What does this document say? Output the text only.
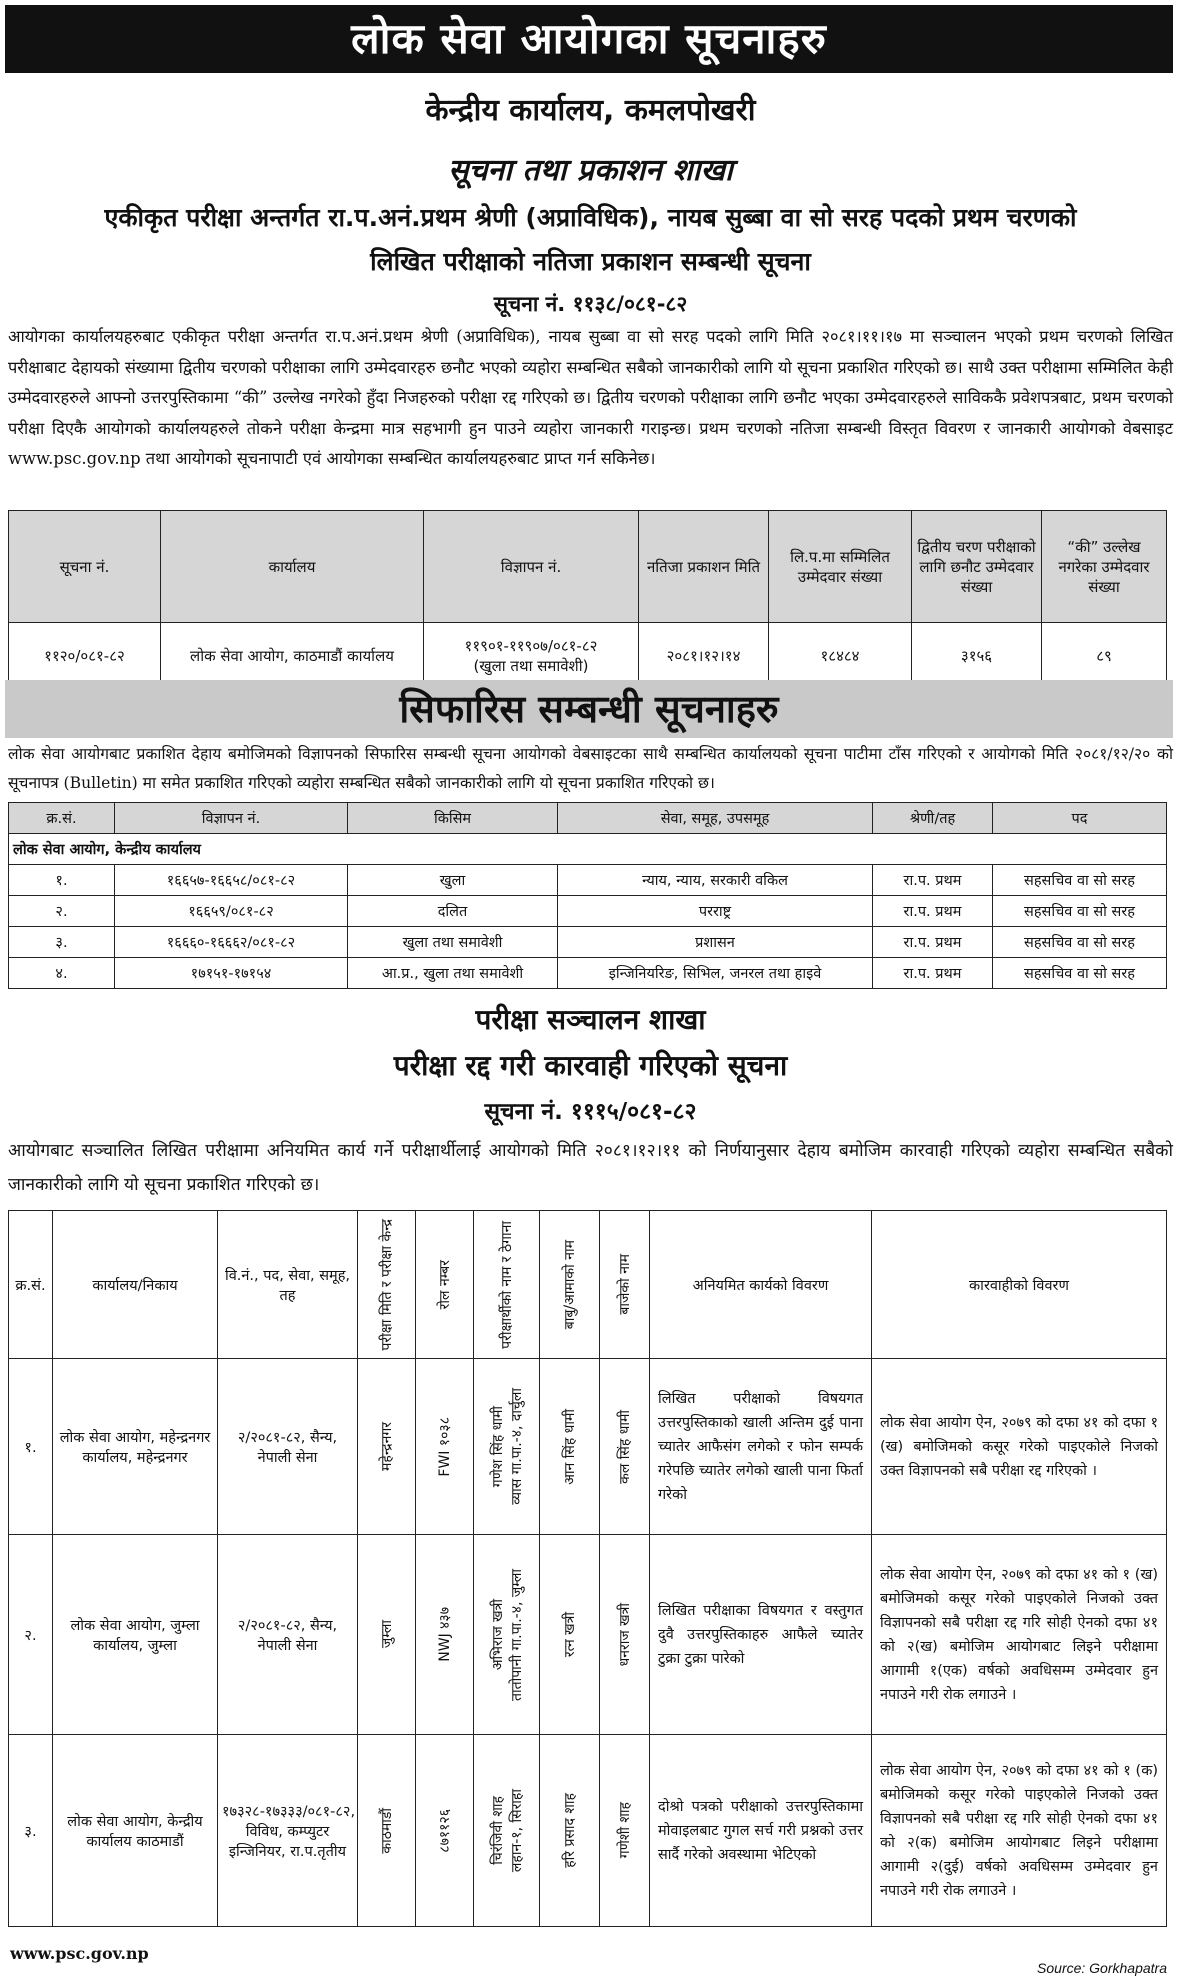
लोक सेवा आयोगका सूचनाहरु
केन्द्रीय कार्यालय, कमलपोखरी
सूचना तथा प्रकाशन शाखा
एकीकृत परीक्षा अन्तर्गत रा.प.अनं.प्रथम श्रेणी (अप्राविधिक), नायब सुब्बा वा सो सरह पदको प्रथम चरणको
लिखित परीक्षाको नतिजा प्रकाशन सम्बन्धी सूचना
सूचना नं. ११३८/०८१-८२
आयोगका कार्यालयहरुबाट एकीकृत परीक्षा अन्तर्गत रा.प.अनं.प्रथम श्रेणी (अप्राविधिक), नायब सुब्बा वा सो सरह पदको लागि मिति २०८१।११।१७ मा सञ्चालन भएको प्रथम चरणको लिखित परीक्षाबाट देहायको संख्यामा द्वितीय चरणको परीक्षाका लागि उम्मेदवारहरु छनौट भएको व्यहोरा सम्बन्धित सबैको जानकारीको लागि यो सूचना प्रकाशित गरिएको छ। साथै उक्त परीक्षामा सम्मिलित केही उम्मेदवारहरुले आफ्नो उत्तरपुस्तिकामा “की” उल्लेख नगरेको हुँदा निजहरुको परीक्षा रद्द गरिएको छ। द्वितीय चरणको परीक्षाका लागि छनौट भएका उम्मेदवारहरुले साविककै प्रवेशपत्रबाट, प्रथम चरणको परीक्षा दिएकै आयोगको कार्यालयहरुले तोकने परीक्षा केन्द्रमा मात्र सहभागी हुन पाउने व्यहोरा जानकारी गराइन्छ। प्रथम चरणको नतिजा सम्बन्धी विस्तृत विवरण र जानकारी आयोगको वेबसाइट www.psc.gov.np तथा आयोगको सूचनापाटी एवं आयोगका सम्बन्धित कार्यालयहरुबाट प्राप्त गर्न सकिनेछ।
सूचना नं.	कार्यालय	विज्ञापन नं.	नतिजा प्रकाशन मिति	लि.प.मा सम्मिलित उम्मेदवार संख्या	द्वितीय चरण परीक्षाको लागि छनौट उम्मेदवार संख्या	“की” उल्लेख नगरेका उम्मेदवार संख्या
११२०/०८१-८२	लोक सेवा आयोग, काठमाडौं कार्यालय	११९०१-११९०७/०८१-८२
(खुला तथा समावेशी)	२०८१।१२।१४	१८४८४	३१५६	८९
सिफारिस सम्बन्धी सूचनाहरु
लोक सेवा आयोगबाट प्रकाशित देहाय बमोजिमको विज्ञापनको सिफारिस सम्बन्धी सूचना आयोगको वेबसाइटका साथै सम्बन्धित कार्यालयको सूचना पाटीमा टाँस गरिएको र आयोगको मिति २०८१/१२/२० को सूचनापत्र (Bulletin) मा समेत प्रकाशित गरिएको व्यहोरा सम्बन्धित सबैको जानकारीको लागि यो सूचना प्रकाशित गरिएको छ।
क्र.सं.	विज्ञापन नं.	किसिम	सेवा, समूह, उपसमूह	श्रेणी/तह	पद
लोक सेवा आयोग, केन्द्रीय कार्यालय					
१.	१६६५७-१६६५८/०८१-८२	खुला	न्याय, न्याय, सरकारी वकिल	रा.प. प्रथम	सहसचिव वा सो सरह
२.	१६६५९/०८१-८२	दलित	परराष्ट्र	रा.प. प्रथम	सहसचिव वा सो सरह
३.	१६६६०-१६६६२/०८१-८२	खुला तथा समावेशी	प्रशासन	रा.प. प्रथम	सहसचिव वा सो सरह
४.	१७१५१-१७१५४	आ.प्र., खुला तथा समावेशी	इन्जिनियरिङ, सिभिल, जनरल तथा हाइवे	रा.प. प्रथम	सहसचिव वा सो सरह
परीक्षा सञ्चालन शाखा
परीक्षा रद्द गरी कारवाही गरिएको सूचना
सूचना नं. १११५/०८१-८२
आयोगबाट सञ्चालित लिखित परीक्षामा अनियमित कार्य गर्ने परीक्षार्थीलाई आयोगको मिति २०८१।१२।११ को निर्णयानुसार देहाय बमोजिम कारवाही गरिएको व्यहोरा सम्बन्धित सबैको जानकारीको लागि यो सूचना प्रकाशित गरिएको छ।
क्र.सं.	कार्यालय/निकाय	वि.नं., पद, सेवा, समूह, तह	परीक्षा मिति र परीक्षा केन्द्र	रोल नम्बर	परीक्षार्थीको नाम र ठेगाना	बाबु/आमाको नाम	बाजेको नाम	अनियमित कार्यको विवरण	कारवाहीको विवरण
१.	लोक सेवा आयोग, महेन्द्रनगर कार्यालय, महेन्द्रनगर	२/२०८१-८२, सैन्य, नेपाली सेना	महेन्द्रनगर	FWI १०३८	गणेश सिंह धामी व्यास गा.पा.-४, दार्चुला	आन सिंह धामी	कल सिंह धामी	लिखित परीक्षाको विषयगत उत्तरपुस्तिकाको खाली अन्तिम दुई पाना च्यातेर आफैसंग लगेको र फोन सम्पर्क गरेपछि च्यातेर लगेको खाली पाना फिर्ता गरेको	लोक सेवा आयोग ऐन, २०७९ को दफा ४१ को दफा १ (ख) बमोजिमको कसूर गरेको पाइएकोले निजको उक्त विज्ञापनको सबै परीक्षा रद्द गरिएको ।
२.	लोक सेवा आयोग, जुम्ला कार्यालय, जुम्ला	२/२०८१-८२, सैन्य, नेपाली सेना	जुम्ला	NWJ ४३७	अभिराज खत्री तातोपानी गा.पा.-४, जुम्ला	रत्न खत्री	धनराज खत्री	लिखित परीक्षाका विषयगत र वस्तुगत दुवै उत्तरपुस्तिकाहरु आफैले च्यातेर टुक्रा टुक्रा पारेको	लोक सेवा आयोग ऐन, २०७९ को दफा ४१ को १ (ख) बमोजिमको कसूर गरेको पाइएकोले निजको उक्त विज्ञापनको सबै परीक्षा रद्द गरि सोही ऐनको दफा ४१ को २(ख) बमोजिम आयोगबाट लिइने परीक्षामा आगामी १(एक) वर्षको अवधिसम्म उम्मेदवार हुन नपाउने गरी रोक लगाउने ।
३.	लोक सेवा आयोग, केन्द्रीय कार्यालय काठमाडौं	१७३२८-१७३३३/०८१-८२, विविध, कम्प्युटर इन्जिनियर, रा.प.तृतीय	काठमाडौं	८७११२६	चिरंजिवी शाह लहान-१, सिराहा	हरि प्रसाद शाह	गणेशी शाह	दोश्रो पत्रको परीक्षाको उत्तरपुस्तिकामा मोवाइलबाट गुगल सर्च गरी प्रश्नको उत्तर सार्दै गरेको अवस्थामा भेटिएको	लोक सेवा आयोग ऐन, २०७९ को दफा ४१ को १ (क) बमोजिमको कसूर गरेको पाइएकोले निजको उक्त विज्ञापनको सबै परीक्षा रद्द गरि सोही ऐनको दफा ४१ को २(क) बमोजिम आयोगबाट लिइने परीक्षामा आगामी २(दुई) वर्षको अवधिसम्म उम्मेदवार हुन नपाउने गरी रोक लगाउने ।
www.psc.gov.np
Source: Gorkhapatra
